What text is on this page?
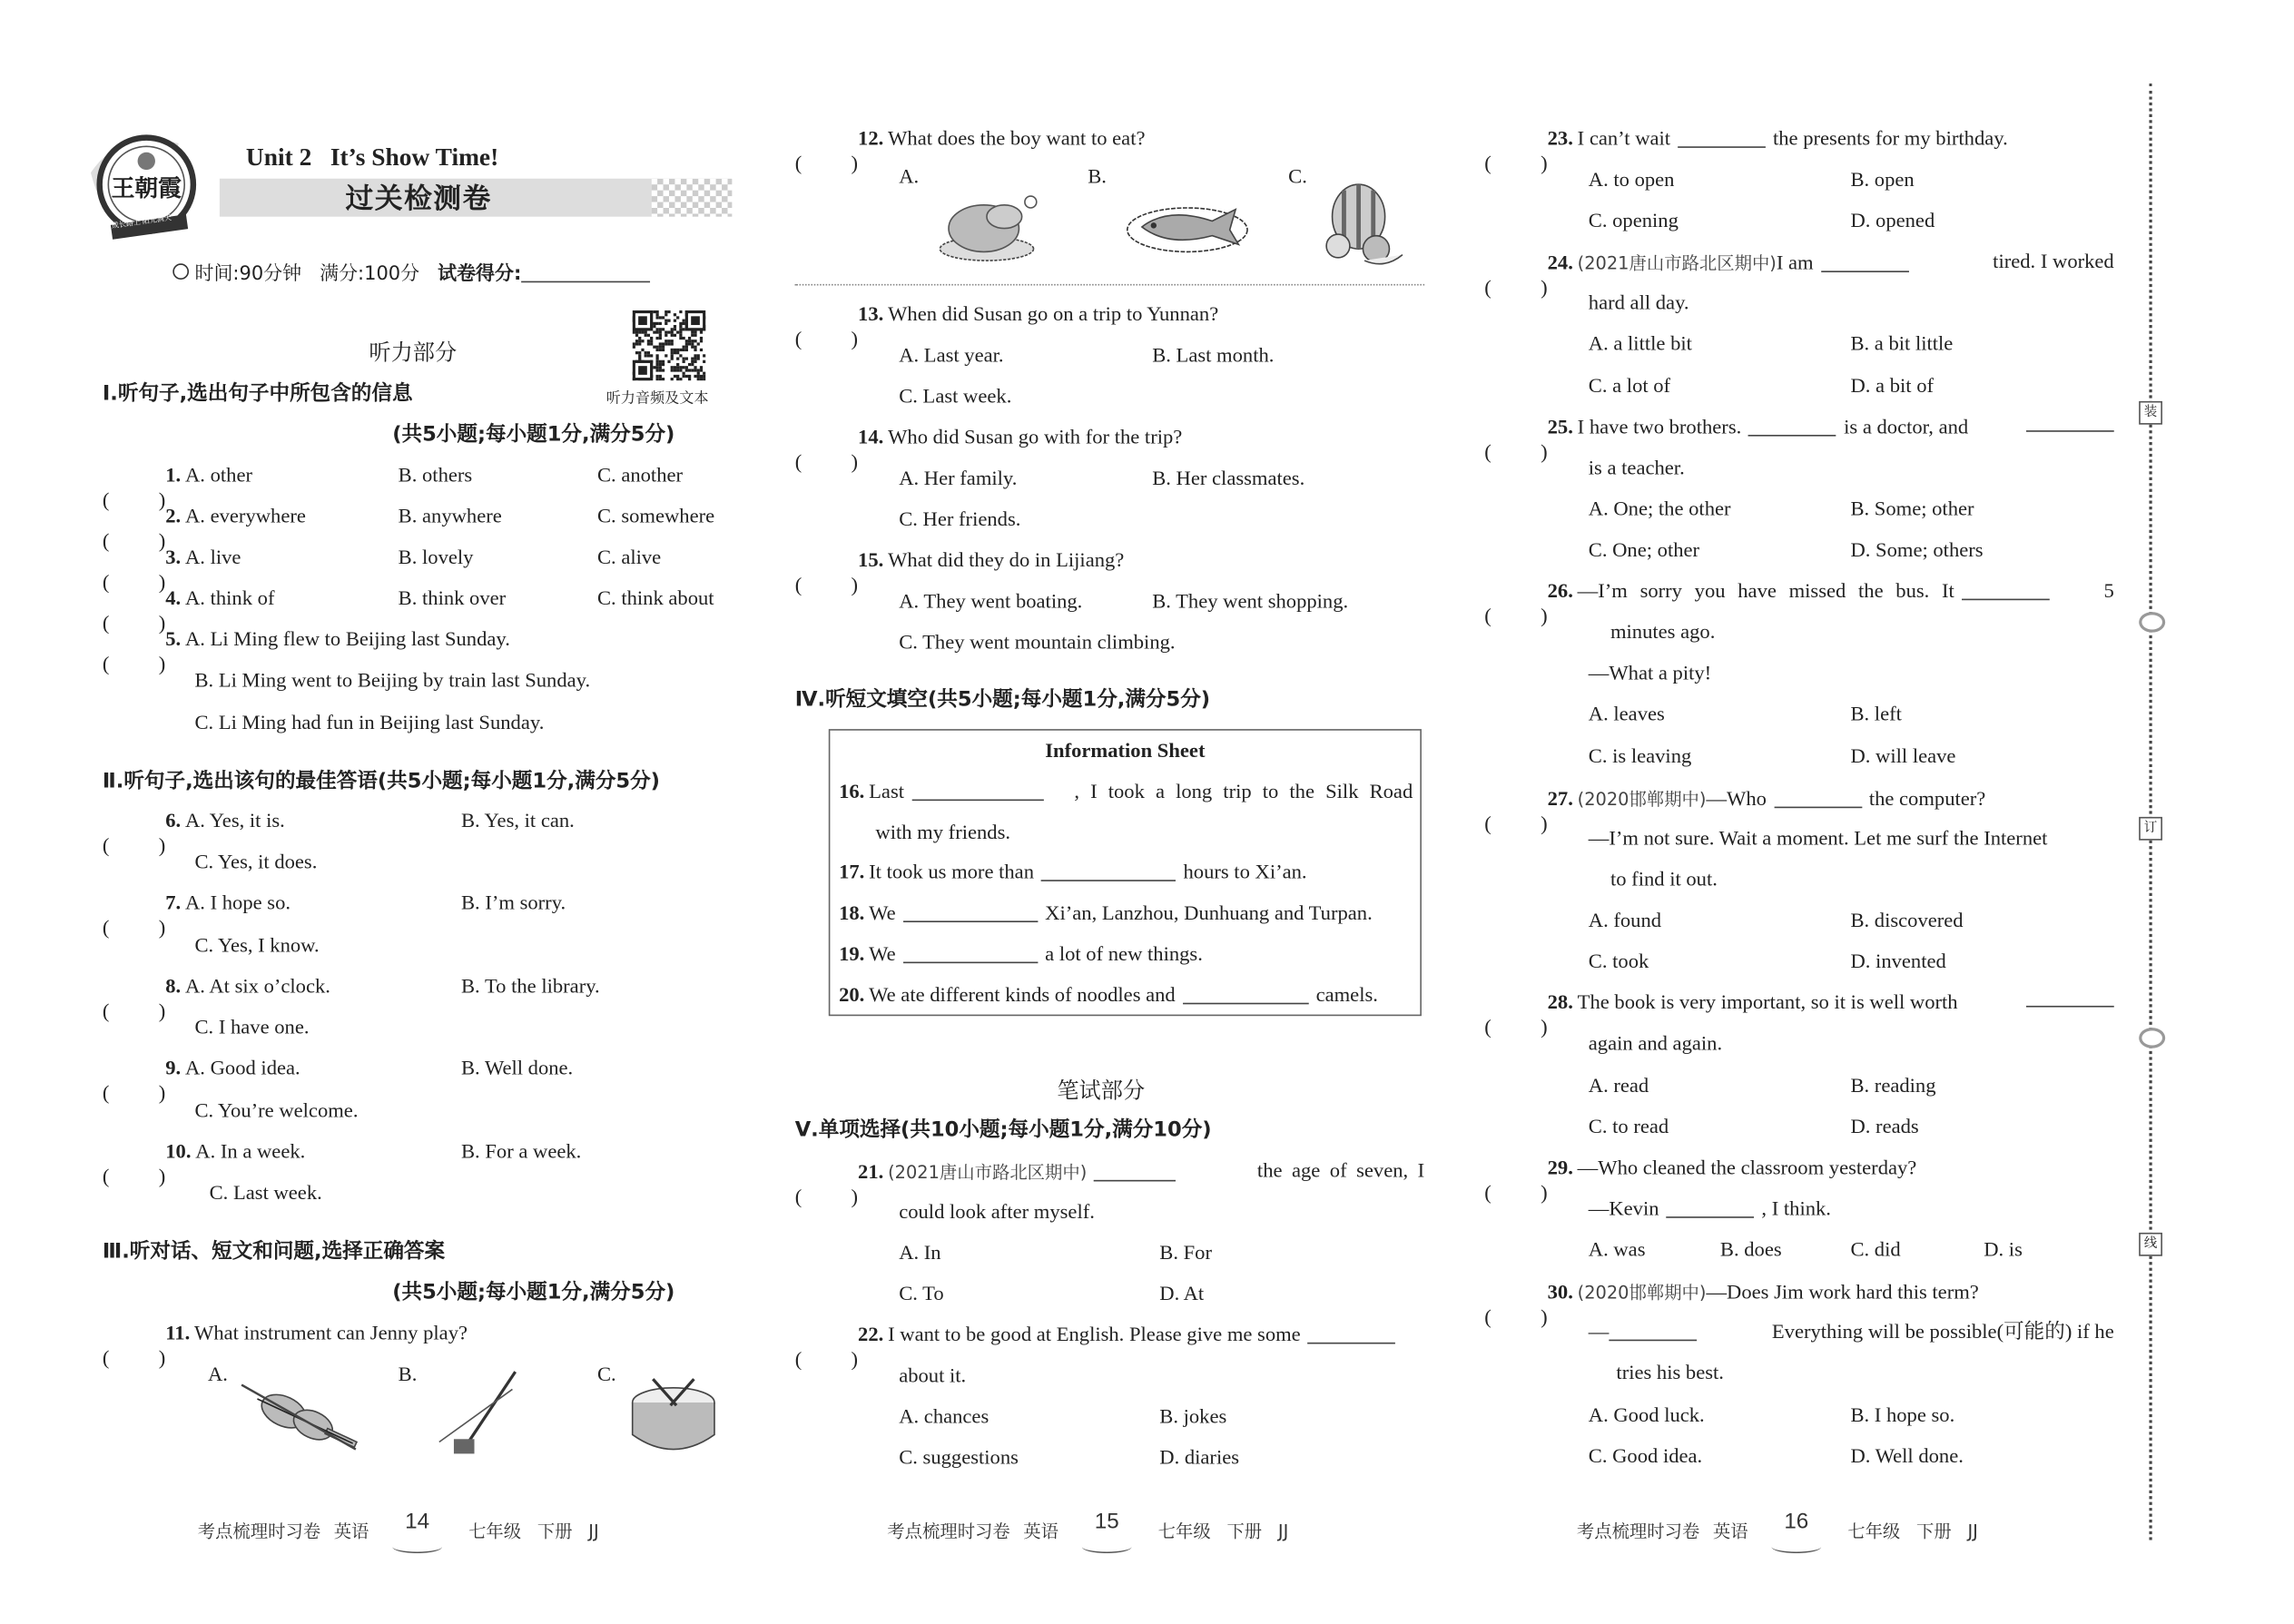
王朝霞
成长路上 阳光满天
Unit 2 It’s Show Time!
过关检测卷
时间:90分钟 满分:100分 试卷得分:
听力部分
听力音频及文本
Ⅰ.听句子,选出句子中所包含的信息
(共5小题;每小题1分,满分5分)
1. A. other	B. others	C. another
2. A. everywhere	B. anywhere	C. somewhere
3. A. live	B. lovely	C. alive
4. A. think of	B. think over	C. think about
5. A. Li Ming flew to Beijing last Sunday.
B. Li Ming went to Beijing by train last Sunday.
C. Li Ming had fun in Beijing last Sunday.
Ⅱ.听句子,选出该句的最佳答语(共5小题;每小题1分,满分5分)
6. A. Yes, it is.	B. Yes, it can.
C. Yes, it does.
7. A. I hope so.	B. I’m sorry.
C. Yes, I know.
8. A. At six o’clock.	B. To the library.
C. I have one.
9. A. Good idea.	B. Well done.
C. You’re welcome.
10. A. In a week.	B. For a week.
C. Last week.
Ⅲ.听对话、短文和问题,选择正确答案
(共5小题;每小题1分,满分5分)
11. What instrument can Jenny play?
A.	B.	C.
12. What does the boy want to eat?
A.	B.	C.
13. When did Susan go on a trip to Yunnan?
A. Last year.	B. Last month.
C. Last week.
14. Who did Susan go with for the trip?
A. Her family.	B. Her classmates.
C. Her friends.
15. What did they do in Lijiang?
A. They went boating.	B. They went shopping.
C. They went mountain climbing.
Ⅳ.听短文填空(共5小题;每小题1分,满分5分)
Information Sheet
16. Last	, I took a long trip to the Silk Road
with my friends.
17. It took us more than	hours to Xi’an.
18. We	Xi’an, Lanzhou, Dunhuang and Turpan.
19. We	a lot of new things.
20. We ate different kinds of noodles and	camels.
笔试部分
Ⅴ.单项选择(共10小题;每小题1分,满分10分)
21. (2021唐山市路北区期中)	the age of seven, I
could look after myself.
A. In	B. For
C. To	D. At
22. I want to be good at English. Please give me some
about it.
A. chances	B. jokes
C. suggestions	D. diaries
23. I can’t wait	the presents for my birthday.
A. to open	B. open
C. opening	D. opened
24. (2021唐山市路北区期中)I am	tired. I worked
hard all day.
A. a little bit	B. a bit little
C. a lot of	D. a bit of
25. I have two brothers.	is a doctor, and
is a teacher.
A. One; the other	B. Some; other
C. One; other	D. Some; others
26. —I’m sorry you have missed the bus. It	5
minutes ago.
—What a pity!
A. leaves	B. left
C. is leaving	D. will leave
27. (2020邯郸期中)—Who	the computer?
—I’m not sure. Wait a moment. Let me surf the Internet
to find it out.
A. found	B. discovered
C. took	D. invented
28. The book is very important, so it is well worth
again and again.
A. read	B. reading
C. to read	D. reads
29. —Who cleaned the classroom yesterday?
—Kevin	, I think.
A. was	B. does	C. did	D. is
30. (2020邯郸期中)—Does Jim work hard this term?
—	Everything will be possible(可能的) if he
tries his best.
A. Good luck.	B. I hope so.
C. Good idea.	D. Well done.
装
订
线
考点梳理时习卷 英语	14	七年级 下册 JJ	考点梳理时习卷 英语	15	七年级 下册 JJ	考点梳理时习卷 英语	16	七年级 下册 JJ
